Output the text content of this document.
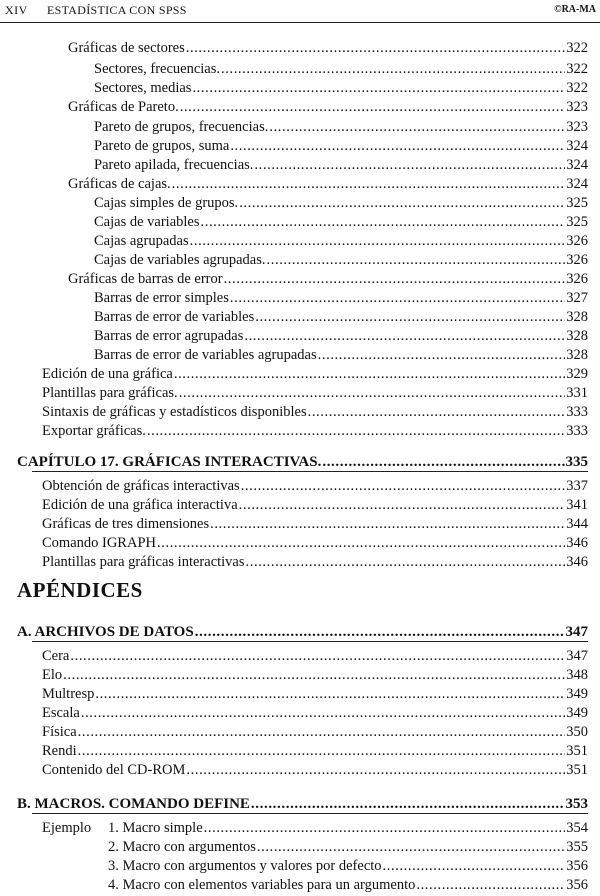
XIV ESTADÍSTICA CON SPSS	©RA-MA
Gráficas de sectores .....	322
Sectores, frecuencias. .....	322
Sectores, medias .....	322
Gráficas de Pareto. .....	323
Pareto de grupos, frecuencias. .....	323
Pareto de grupos, suma .....	324
Pareto apilada, frecuencias. .....	324
Gráficas de cajas. .....	324
Cajas simples de grupos. .....	325
Cajas de variables .....	325
Cajas agrupadas .....	326
Cajas de variables agrupadas. .....	326
Gráficas de barras de error .....	326
Barras de error simples .....	327
Barras de error de variables .....	328
Barras de error agrupadas .....	328
Barras de error de variables agrupadas .....	328
Edición de una gráfica .....	329
Plantillas para gráficas. .....	331
Sintaxis de gráficas y estadísticos disponibles .....	333
Exportar gráficas. .....	333
CAPÍTULO 17. GRÁFICAS INTERACTIVAS. .....	335
Obtención de gráficas interactivas .....	337
Edición de una gráfica interactiva .....	341
Gráficas de tres dimensiones .....	344
Comando IGRAPH .....	346
Plantillas para gráficas interactivas .....	346
APÉNDICES
A. ARCHIVOS DE DATOS .....	347
Cera .....	347
Elo .....	348
Multresp .....	349
Escala .....	349
Física .....	350
Rendi .....	351
Contenido del CD-ROM .....	351
B. MACROS. COMANDO DEFINE .....	353
Ejemplo 1. Macro simple .....	354
2. Macro con argumentos .....	355
3. Macro con argumentos y valores por defecto .....	356
4. Macro con elementos variables para un argumento .....	356
